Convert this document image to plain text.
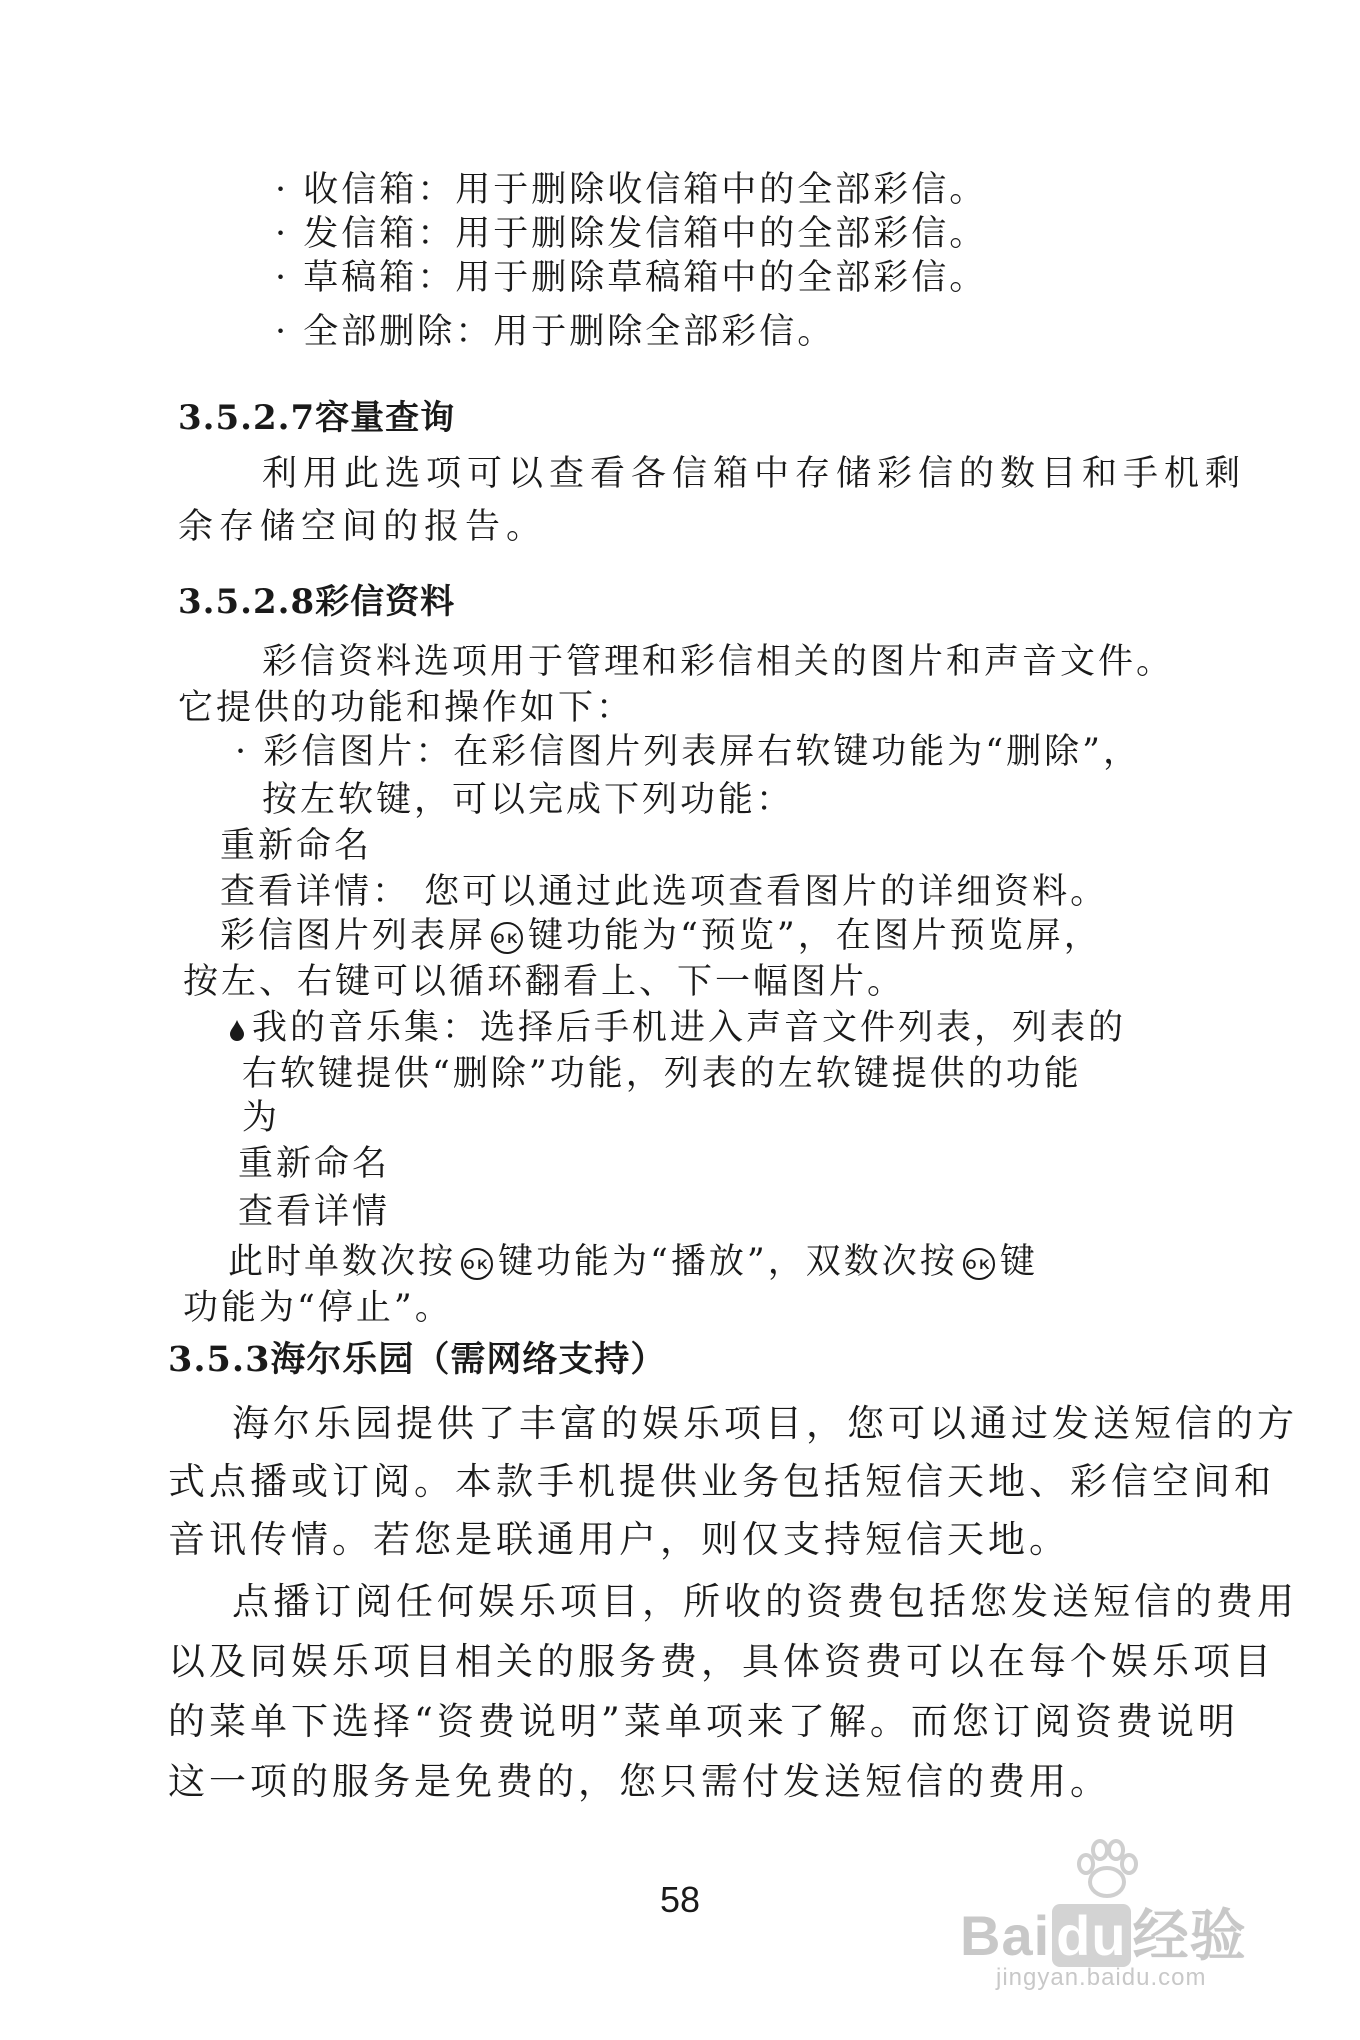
· 收信箱：用于删除收信箱中的全部彩信。
· 发信箱：用于删除发信箱中的全部彩信。
· 草稿箱：用于删除草稿箱中的全部彩信。
· 全部删除：用于删除全部彩信。
3.5.2.7容量查询
利用此选项可以查看各信箱中存储彩信的数目和手机剩
余存储空间的报告。
3.5.2.8彩信资料
彩信资料选项用于管理和彩信相关的图片和声音文件。
它提供的功能和操作如下：
· 彩信图片：在彩信图片列表屏右软键功能为“删除”，
按左软键，可以完成下列功能：
重新命名
查看详情： 您可以通过此选项查看图片的详细资料。
彩信图片列表屏 OK 键功能为“预览”，在图片预览屏，
按左、右键可以循环翻看上、下一幅图片。
我的音乐集：选择后手机进入声音文件列表，列表的
右软键提供“删除”功能，列表的左软键提供的功能
为
重新命名
查看详情
此时单数次按 OK 键功能为“播放”，双数次按 OK 键
功能为“停止”。
3.5.3海尔乐园（需网络支持）
海尔乐园提供了丰富的娱乐项目，您可以通过发送短信的方
式点播或订阅。本款手机提供业务包括短信天地、彩信空间和
音讯传情。若您是联通用户，则仅支持短信天地。
点播订阅任何娱乐项目，所收的资费包括您发送短信的费用
以及同娱乐项目相关的服务费，具体资费可以在每个娱乐项目
的菜单下选择“资费说明”菜单项来了解。而您订阅资费说明
这一项的服务是免费的，您只需付发送短信的费用。
58
Bai du 经验
jingyan.baidu.com
